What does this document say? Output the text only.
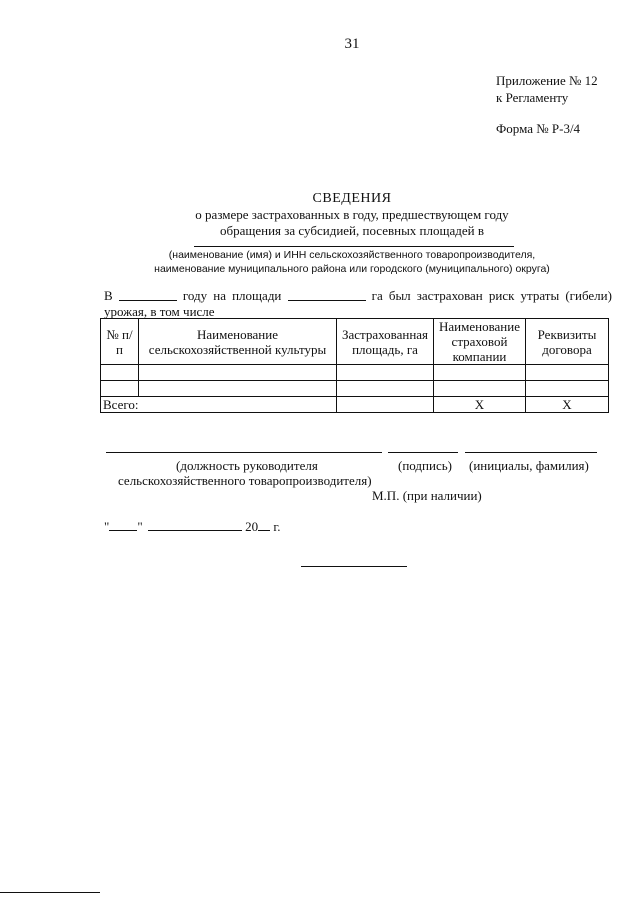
31
Приложение № 12
к Регламенту
Форма № Р-3/4
СВЕДЕНИЯ
о размере застрахованных в году, предшествующем году
обращения за субсидией, посевных площадей в
(наименование (имя) и ИНН сельскохозяйственного товаропроизводителя,
наименование муниципального района или городского (муниципального) округа)
В	году на площади	га был застрахован риск утраты (гибели)
урожая, в том числе
№ п/п	Наименование сельскохозяйственной культуры	Застрахованная площадь, га	Наименование страховой компании	Реквизиты договора

Всего:			Х	Х
(должность руководителя	(подпись) (инициалы, фамилия)
сельскохозяйственного товаропроизводителя)
М.П. (при наличии)
" "	20 г.
